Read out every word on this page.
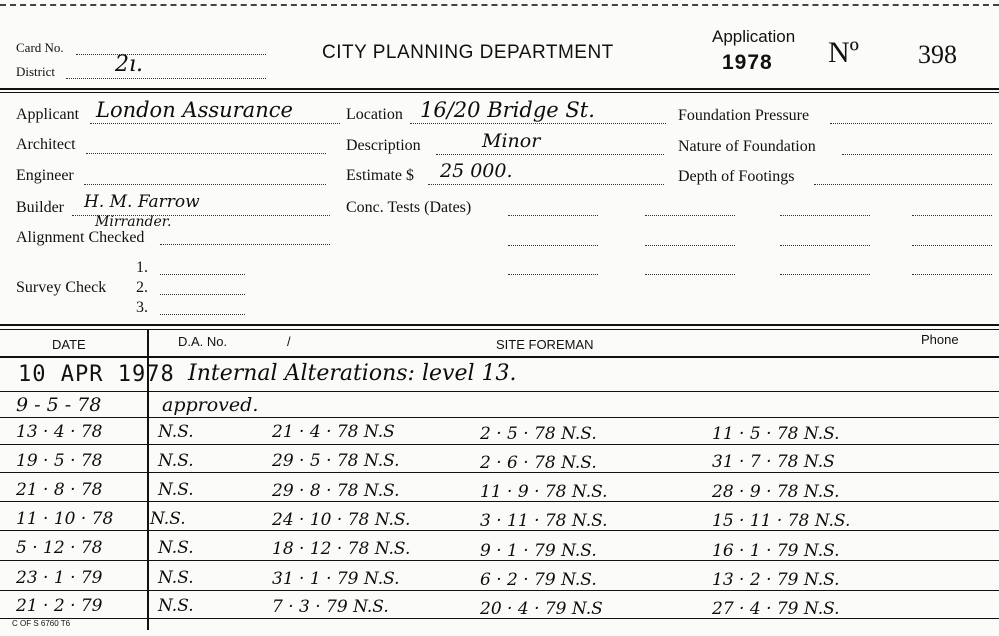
Card No.
District	2ı.	CITY PLANNING DEPARTMENT
Application
1978 Nº 398
Applicant London Assurance
Architect
Engineer
Builder H. M. Farrow
Mirrander.
Alignment Checked
1.
Survey Check 2.
3.
Location 16/20 Bridge St.
Description	Minor
Estimate $ 25 000.
Conc. Tests (Dates)
Foundation Pressure
Nature of Foundation
Depth of Footings
DATE	D.A. No.	/	SITE FOREMAN	Phone
10 APR 1978 Internal Alterations: level 13.
9 - 5 - 78	approved.
13 · 4 · 78	N.S.	21 · 4 · 78 N.S	2 · 5 · 78 N.S.	11 · 5 · 78 N.S.
19 · 5 · 78	N.S.	29 · 5 · 78 N.S.	2 · 6 · 78 N.S.	31 · 7 · 78 N.S
21 · 8 · 78	N.S.	29 · 8 · 78 N.S.	11 · 9 · 78 N.S.	28 · 9 · 78 N.S.
11 · 10 · 78 N.S.	24 · 10 · 78 N.S.	3 · 11 · 78 N.S.	15 · 11 · 78 N.S.
5 · 12 · 78	N.S.	18 · 12 · 78 N.S.	9 · 1 · 79 N.S.	16 · 1 · 79 N.S.
23 · 1 · 79	N.S.	31 · 1 · 79 N.S.	6 · 2 · 79 N.S.	13 · 2 · 79 N.S.
21 · 2 · 79	N.S.	7 · 3 · 79 N.S.	20 · 4 · 79 N.S	27 · 4 · 79 N.S.
C OF S 6760 T6
